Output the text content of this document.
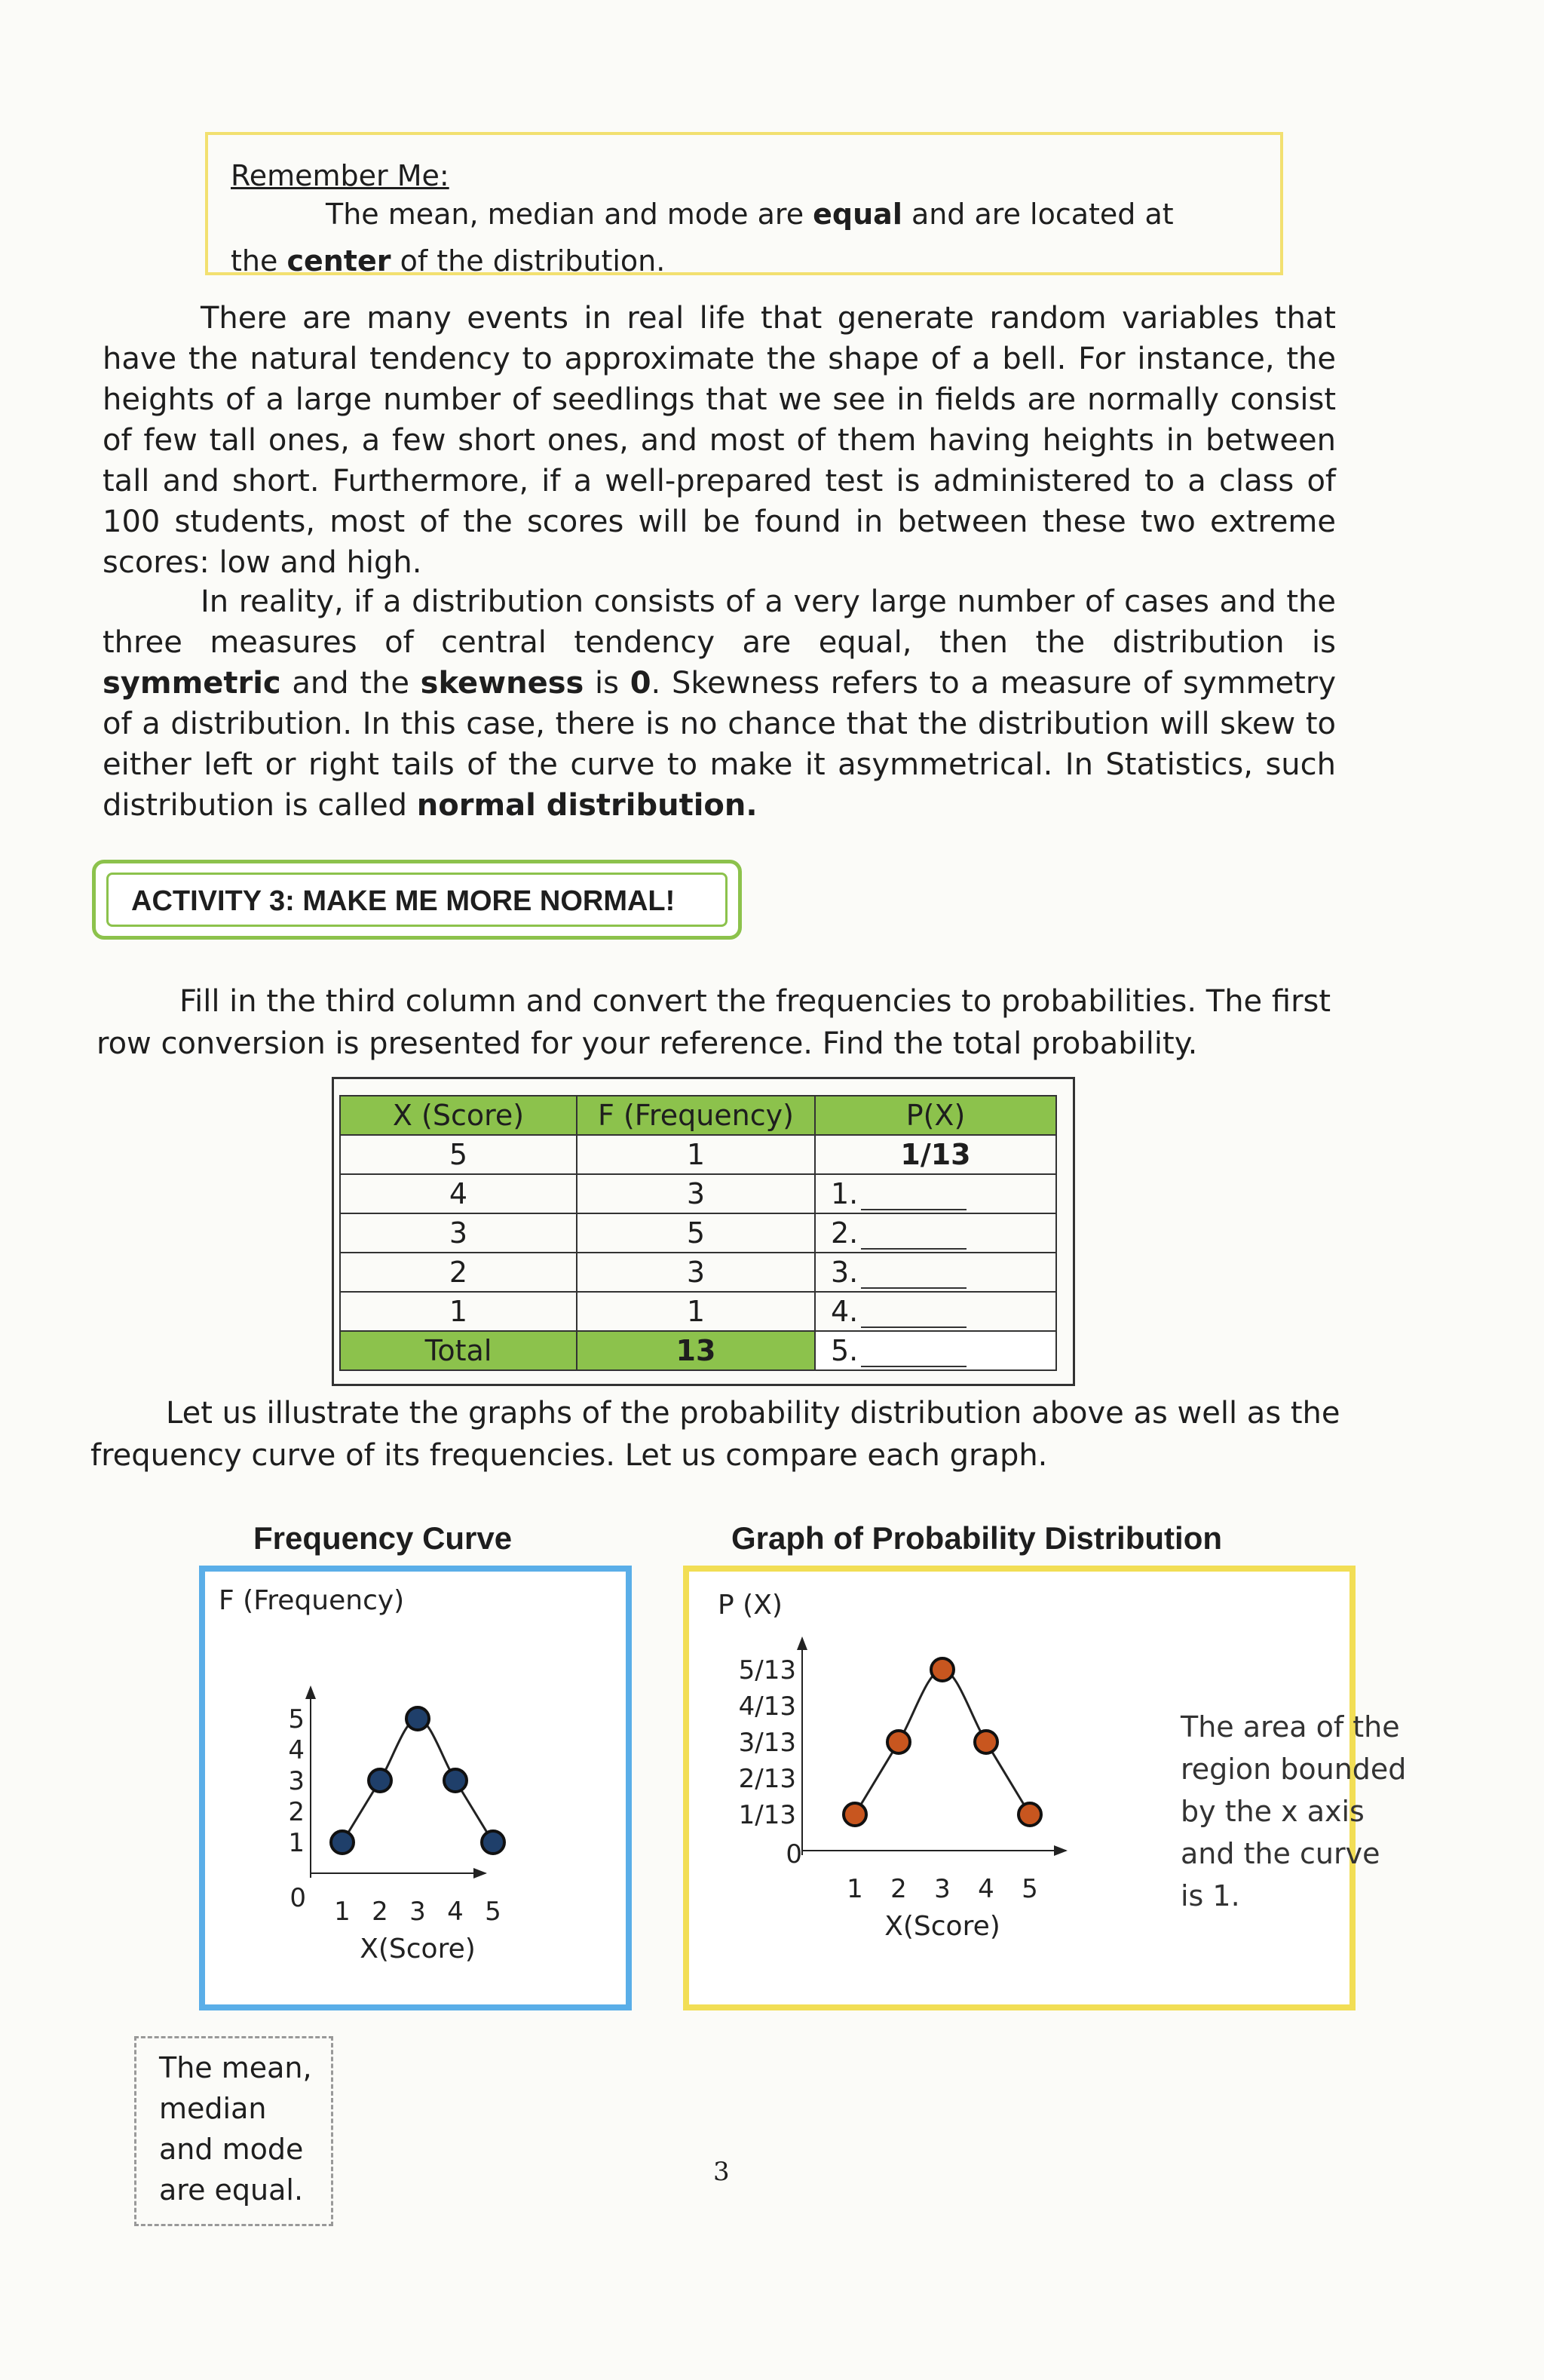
Remember Me:
The mean, median and mode are equal and are located at
the center of the distribution.
There are many events in real life that generate random variables that have the natural tendency to approximate the shape of a bell. For instance, the heights of a large number of seedlings that we see in fields are normally consist of few tall ones, a few short ones, and most of them having heights in between tall and short. Furthermore, if a well-prepared test is administered to a class of 100 students, most of the scores will be found in between these two extreme scores: low and high.
In reality, if a distribution consists of a very large number of cases and the three measures of central tendency are equal, then the distribution is symmetric and the skewness is 0. Skewness refers to a measure of symmetry of a distribution. In this case, there is no chance that the distribution will skew to either left or right tails of the curve to make it asymmetrical. In Statistics, such distribution is called normal distribution.
ACTIVITY 3: MAKE ME MORE NORMAL!
Fill in the third column and convert the frequencies to probabilities. The first row conversion is presented for your reference. Find the total probability.
X (Score)	F (Frequency)	P(X)
5	1	1/13
4	3	1.
3	5	2.
2	3	3.
1	1	4.
Total	13	5.
Let us illustrate the graphs of the probability distribution above as well as the frequency curve of its frequencies. Let us compare each graph.
Frequency Curve	Graph of Probability Distribution
F (Frequency)
0
1
2
3
4
5
1 2 3 4 5
X(Score)
P (X)
0
1/13
2/13
3/13
4/13
5/13
1 2 3 4 5
X(Score)
The area of the region bounded by the x axis and the curve is 1.
The mean,
median
and mode
are equal.
3
